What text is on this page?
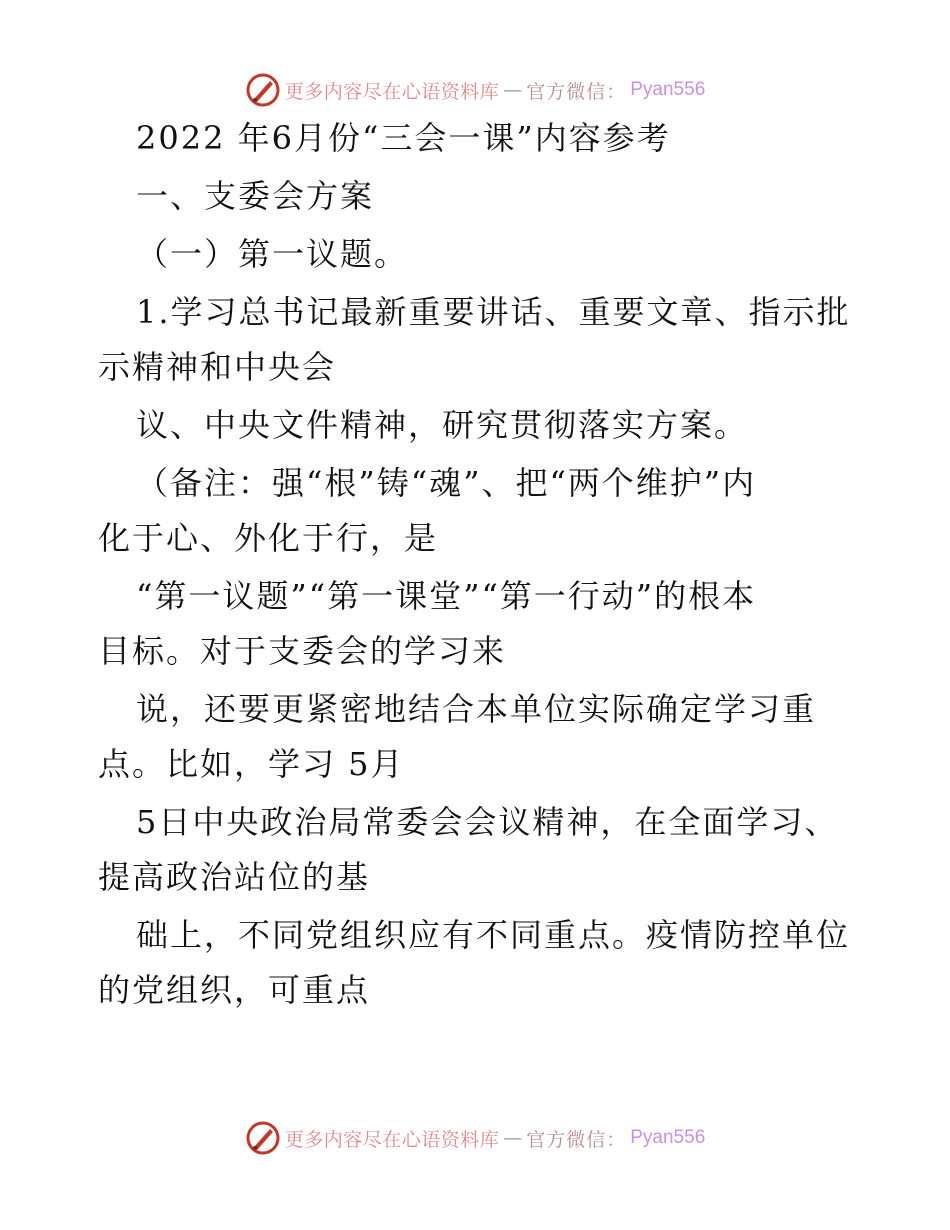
更多内容尽在心语资料库 — 官方微信： Pyan556

2022 年6月份“三会一课”内容参考

一、支委会方案

（一）第一议题。

1.学习总书记最新重要讲话、重要文章、指示批

示精神和中央会

议、中央文件精神，研究贯彻落实方案。

（备注：强“根”铸“魂”、把“两个维护”内

化于心、外化于行，是

“第一议题”“第一课堂”“第一行动”的根本

目标。对于支委会的学习来

说，还要更紧密地结合本单位实际确定学习重

点。比如，学习 5月

5日中央政治局常委会会议精神，在全面学习、

提高政治站位的基

础上，不同党组织应有不同重点。疫情防控单位

的党组织，可重点

更多内容尽在心语资料库 — 官方微信： Pyan556
